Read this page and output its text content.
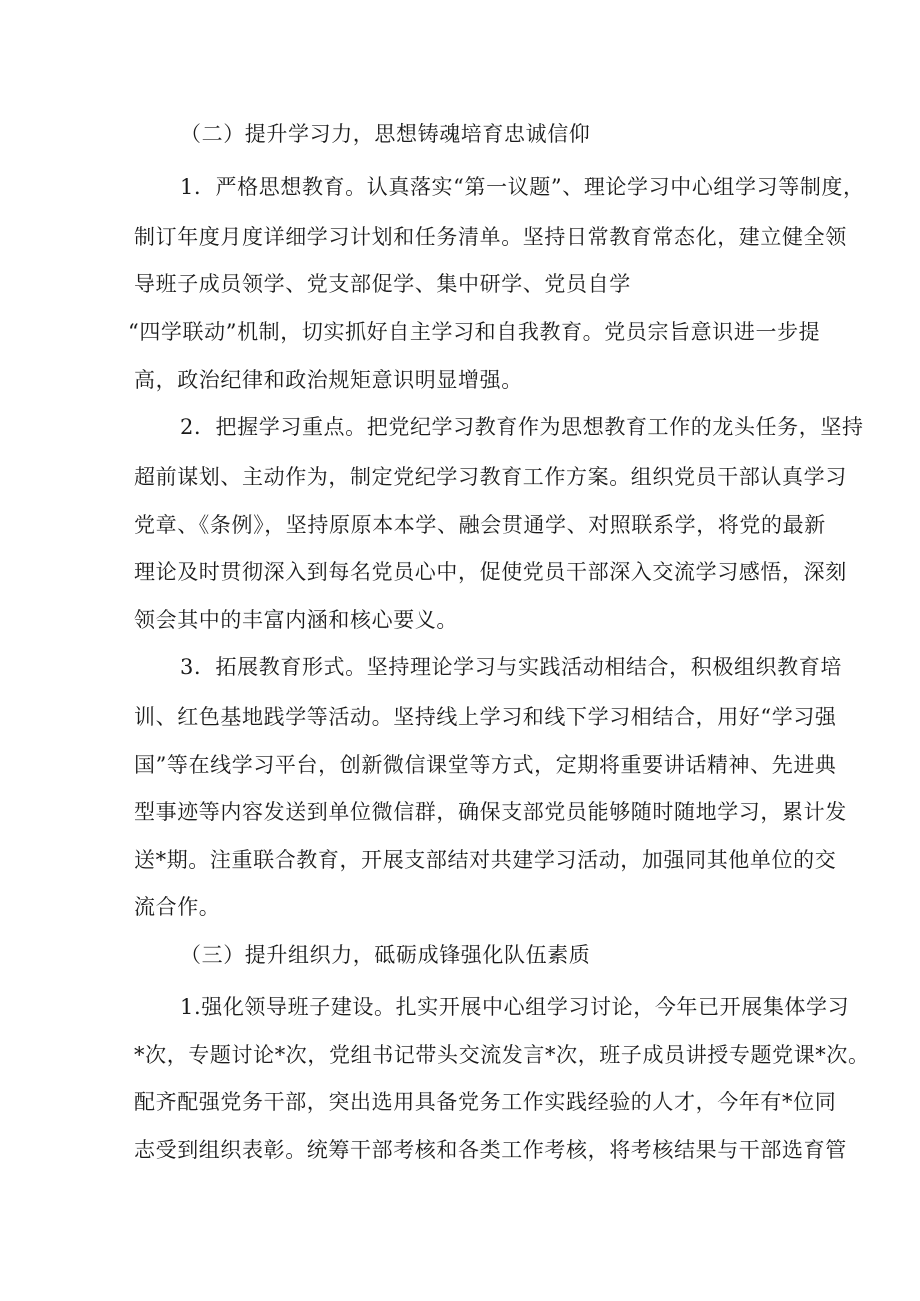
（二）提升学习力，思想铸魂培育忠诚信仰
1．严格思想教育。认真落实“第一议题”、理论学习中心组学习等制度，
制订年度月度详细学习计划和任务清单。坚持日常教育常态化，建立健全领
导班子成员领学、党支部促学、集中研学、党员自学
“四学联动”机制，切实抓好自主学习和自我教育。党员宗旨意识进一步提
高，政治纪律和政治规矩意识明显增强。
2．把握学习重点。把党纪学习教育作为思想教育工作的龙头任务，坚持
超前谋划、主动作为，制定党纪学习教育工作方案。组织党员干部认真学习
党章、《条例》，坚持原原本本学、融会贯通学、对照联系学，将党的最新
理论及时贯彻深入到每名党员心中，促使党员干部深入交流学习感悟，深刻
领会其中的丰富内涵和核心要义。
3．拓展教育形式。坚持理论学习与实践活动相结合，积极组织教育培
训、红色基地践学等活动。坚持线上学习和线下学习相结合，用好“学习强
国”等在线学习平台，创新微信课堂等方式，定期将重要讲话精神、先进典
型事迹等内容发送到单位微信群，确保支部党员能够随时随地学习，累计发
送*期。注重联合教育，开展支部结对共建学习活动，加强同其他单位的交
流合作。
（三）提升组织力，砥砺成锋强化队伍素质
1.强化领导班子建设。扎实开展中心组学习讨论，今年已开展集体学习
*次，专题讨论*次，党组书记带头交流发言*次，班子成员讲授专题党课*次。
配齐配强党务干部，突出选用具备党务工作实践经验的人才，今年有*位同
志受到组织表彰。统筹干部考核和各类工作考核，将考核结果与干部选育管
